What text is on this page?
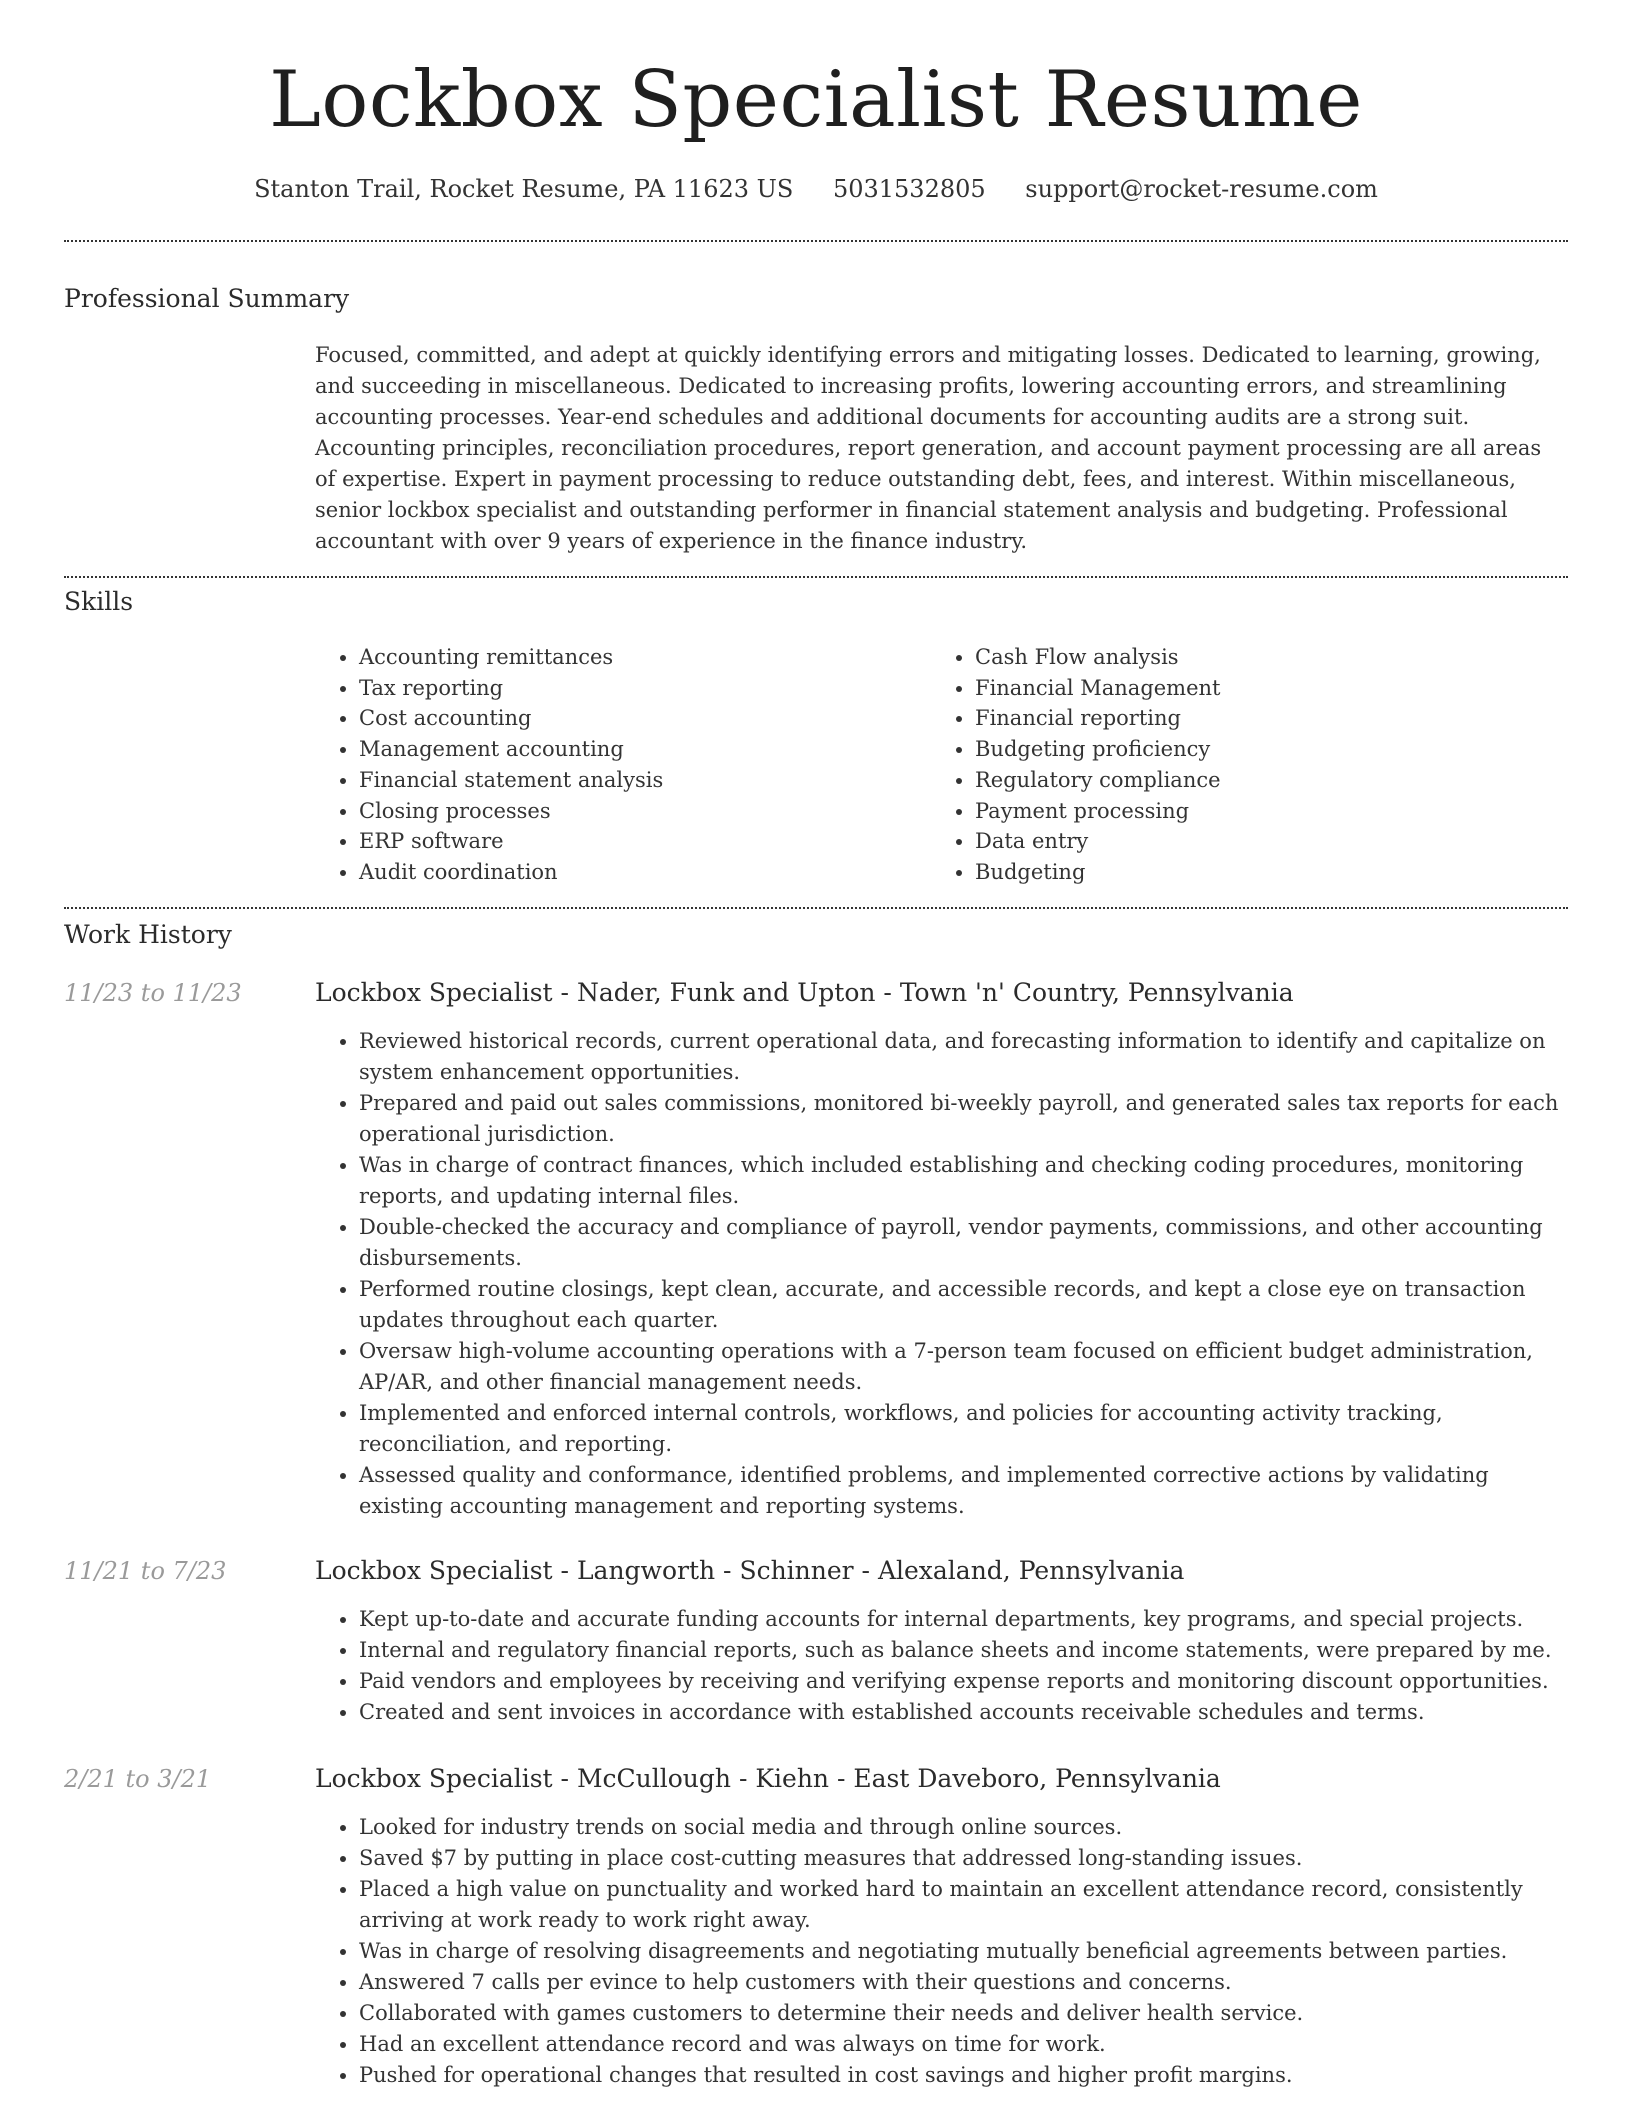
Lockbox Specialist Resume
Stanton Trail, Rocket Resume, PA 11623 US 5031532805 support@rocket-resume.com
Professional Summary

Focused, committed, and adept at quickly identifying errors and mitigating losses. Dedicated to learning, growing, and succeeding in miscellaneous. Dedicated to increasing profits, lowering accounting errors, and streamlining accounting processes. Year-end schedules and additional documents for accounting audits are a strong suit. Accounting principles, reconciliation procedures, report generation, and account payment processing are all areas of expertise. Expert in payment processing to reduce outstanding debt, fees, and interest. Within miscellaneous, senior lockbox specialist and outstanding performer in financial statement analysis and budgeting. Professional accountant with over 9 years of experience in the finance industry.

Skills
• Accounting remittances
• Tax reporting
• Cost accounting
• Management accounting
• Financial statement analysis
• Closing processes
• ERP software
• Audit coordination
• Cash Flow analysis
• Financial Management
• Financial reporting
• Budgeting proficiency
• Regulatory compliance
• Payment processing
• Data entry
• Budgeting
Work History
11/23 to 11/23	Lockbox Specialist - Nader, Funk and Upton - Town 'n' Country, Pennsylvania
• Reviewed historical records, current operational data, and forecasting information to identify and capitalize on system enhancement opportunities.
• Prepared and paid out sales commissions, monitored bi-weekly payroll, and generated sales tax reports for each operational jurisdiction.
• Was in charge of contract finances, which included establishing and checking coding procedures, monitoring reports, and updating internal files.
• Double-checked the accuracy and compliance of payroll, vendor payments, commissions, and other accounting disbursements.
• Performed routine closings, kept clean, accurate, and accessible records, and kept a close eye on transaction updates throughout each quarter.
• Oversaw high-volume accounting operations with a 7-person team focused on efficient budget administration, AP/AR, and other financial management needs.
• Implemented and enforced internal controls, workflows, and policies for accounting activity tracking, reconciliation, and reporting.
• Assessed quality and conformance, identified problems, and implemented corrective actions by validating existing accounting management and reporting systems.
11/21 to 7/23	Lockbox Specialist - Langworth - Schinner - Alexaland, Pennsylvania
• Kept up-to-date and accurate funding accounts for internal departments, key programs, and special projects.
• Internal and regulatory financial reports, such as balance sheets and income statements, were prepared by me.
• Paid vendors and employees by receiving and verifying expense reports and monitoring discount opportunities.
• Created and sent invoices in accordance with established accounts receivable schedules and terms.
2/21 to 3/21	Lockbox Specialist - McCullough - Kiehn - East Daveboro, Pennsylvania
• Looked for industry trends on social media and through online sources.
• Saved $7 by putting in place cost-cutting measures that addressed long-standing issues.
• Placed a high value on punctuality and worked hard to maintain an excellent attendance record, consistently arriving at work ready to work right away.
• Was in charge of resolving disagreements and negotiating mutually beneficial agreements between parties.
• Answered 7 calls per evince to help customers with their questions and concerns.
• Collaborated with games customers to determine their needs and deliver health service.
• Had an excellent attendance record and was always on time for work.
• Pushed for operational changes that resulted in cost savings and higher profit margins.
